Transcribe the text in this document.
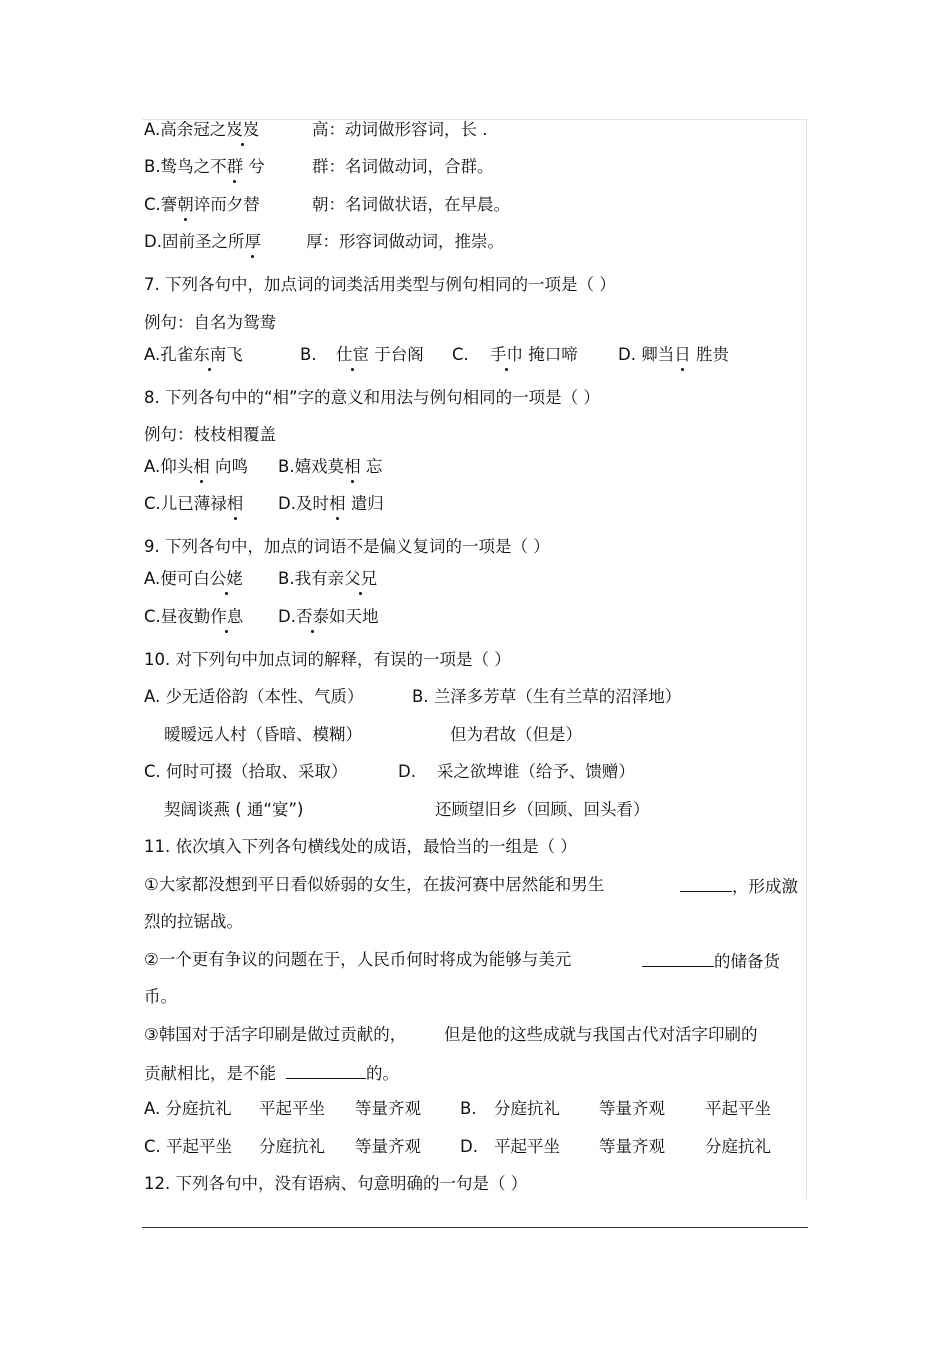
A.高余冠之岌岌	高：动词做形容词，长 .
B.鸷鸟之不群 兮	群：名词做动词，合群。
C.謇朝谇而夕替	朝：名词做状语，在早晨。
D.固前圣之所厚	厚：形容词做动词，推崇。
7. 下列各句中，加点词的词类活用类型与例句相同的一项是（ ）
例句：自名为鸳鸯
A.孔雀东南飞	B. 仕宦 于台阁 C. 手巾 掩口啼 D. 卿当日 胜贵
8. 下列各句中的“相”字的意义和用法与例句相同的一项是（ ）
例句：枝枝相覆盖
A.仰头相 向鸣 B.嬉戏莫相 忘
C.儿已薄禄相 D.及时相 遣归
9. 下列各句中，加点的词语不是偏义复词的一项是（ ）
A.便可白公姥 B.我有亲父兄
C.昼夜勤作息 D.否泰如天地
10. 对下列句中加点词的解释，有误的一项是（ ）
A. 少无适俗韵（本性、气质）	B. 兰泽多芳草（生有兰草的沼泽地）
暧暧远人村（昏暗、模糊）	但为君故（但是）
C. 何时可掇（拾取、采取）	D.    采之欲埤谁（给予、馈赠）
契阔谈燕 ( 通“宴”)	还顾望旧乡（回顾、回头看）
11. 依次填入下列各句横线处的成语，最恰当的一组是（ ）
①大家都没想到平日看似娇弱的女生，在拔河赛中居然能和男生	，形成激
烈的拉锯战。
②一个更有争议的问题在于，人民币何时将成为能够与美元	的储备货
币。
③韩国对于活字印刷是做过贡献的， 但是他的这些成就与我国古代对活字印刷的
贡献相比，是不能	的。
A. 分庭抗礼 平起平坐 等量齐观 B. 分庭抗礼 等量齐观 平起平坐
C. 平起平坐 分庭抗礼 等量齐观 D. 平起平坐 等量齐观 分庭抗礼
12. 下列各句中，没有语病、句意明确的一句是（ ）
